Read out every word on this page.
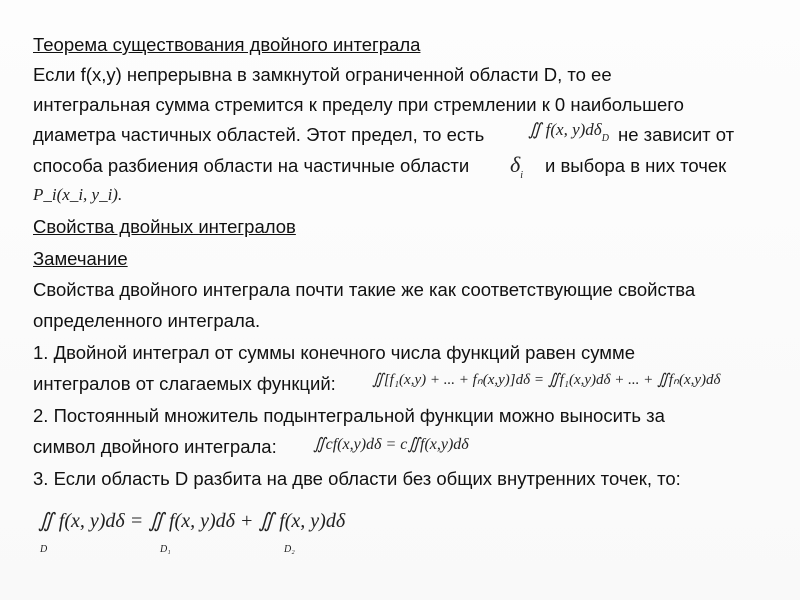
Теорема существования двойного интеграла
Если f(x,y) непрерывна в замкнутой ограниченной области D, то ее
интегральная сумма стремится к пределу при стремлении к 0 наибольшего
диаметра частичных областей. Этот предел, то есть	∬ f(x, $y)d\delta_D$ не зависит от
способа разбиения области на частичные области $\delta_i$ и выбора в них точек
P_i(x_i, y_i).
Свойства двойных интегралов
Замечание
Свойства двойного интеграла почти такие же как соответствующие свойства
определенного интеграла.
1. Двойной интеграл от суммы конечного числа функций равен сумме
интегралов от слагаемых функций: ∬[f₁(x,y) + ... + fₙ(x,y)]dδ = ∬f₁(x,y)dδ + ... + ∬fₙ(x,y)dδ
2. Постоянный множитель подынтегральной функции можно выносить за
символ двойного интеграла: ∬cf(x,y)dδ = c∬f(x,y)dδ
3. Если область D разбита на две области без общих внутренних точек, то:
∬ f(x, y)dδ = ∬ f(x, y)dδ + ∬ f(x, y)dδ
D	D₁	D₂
